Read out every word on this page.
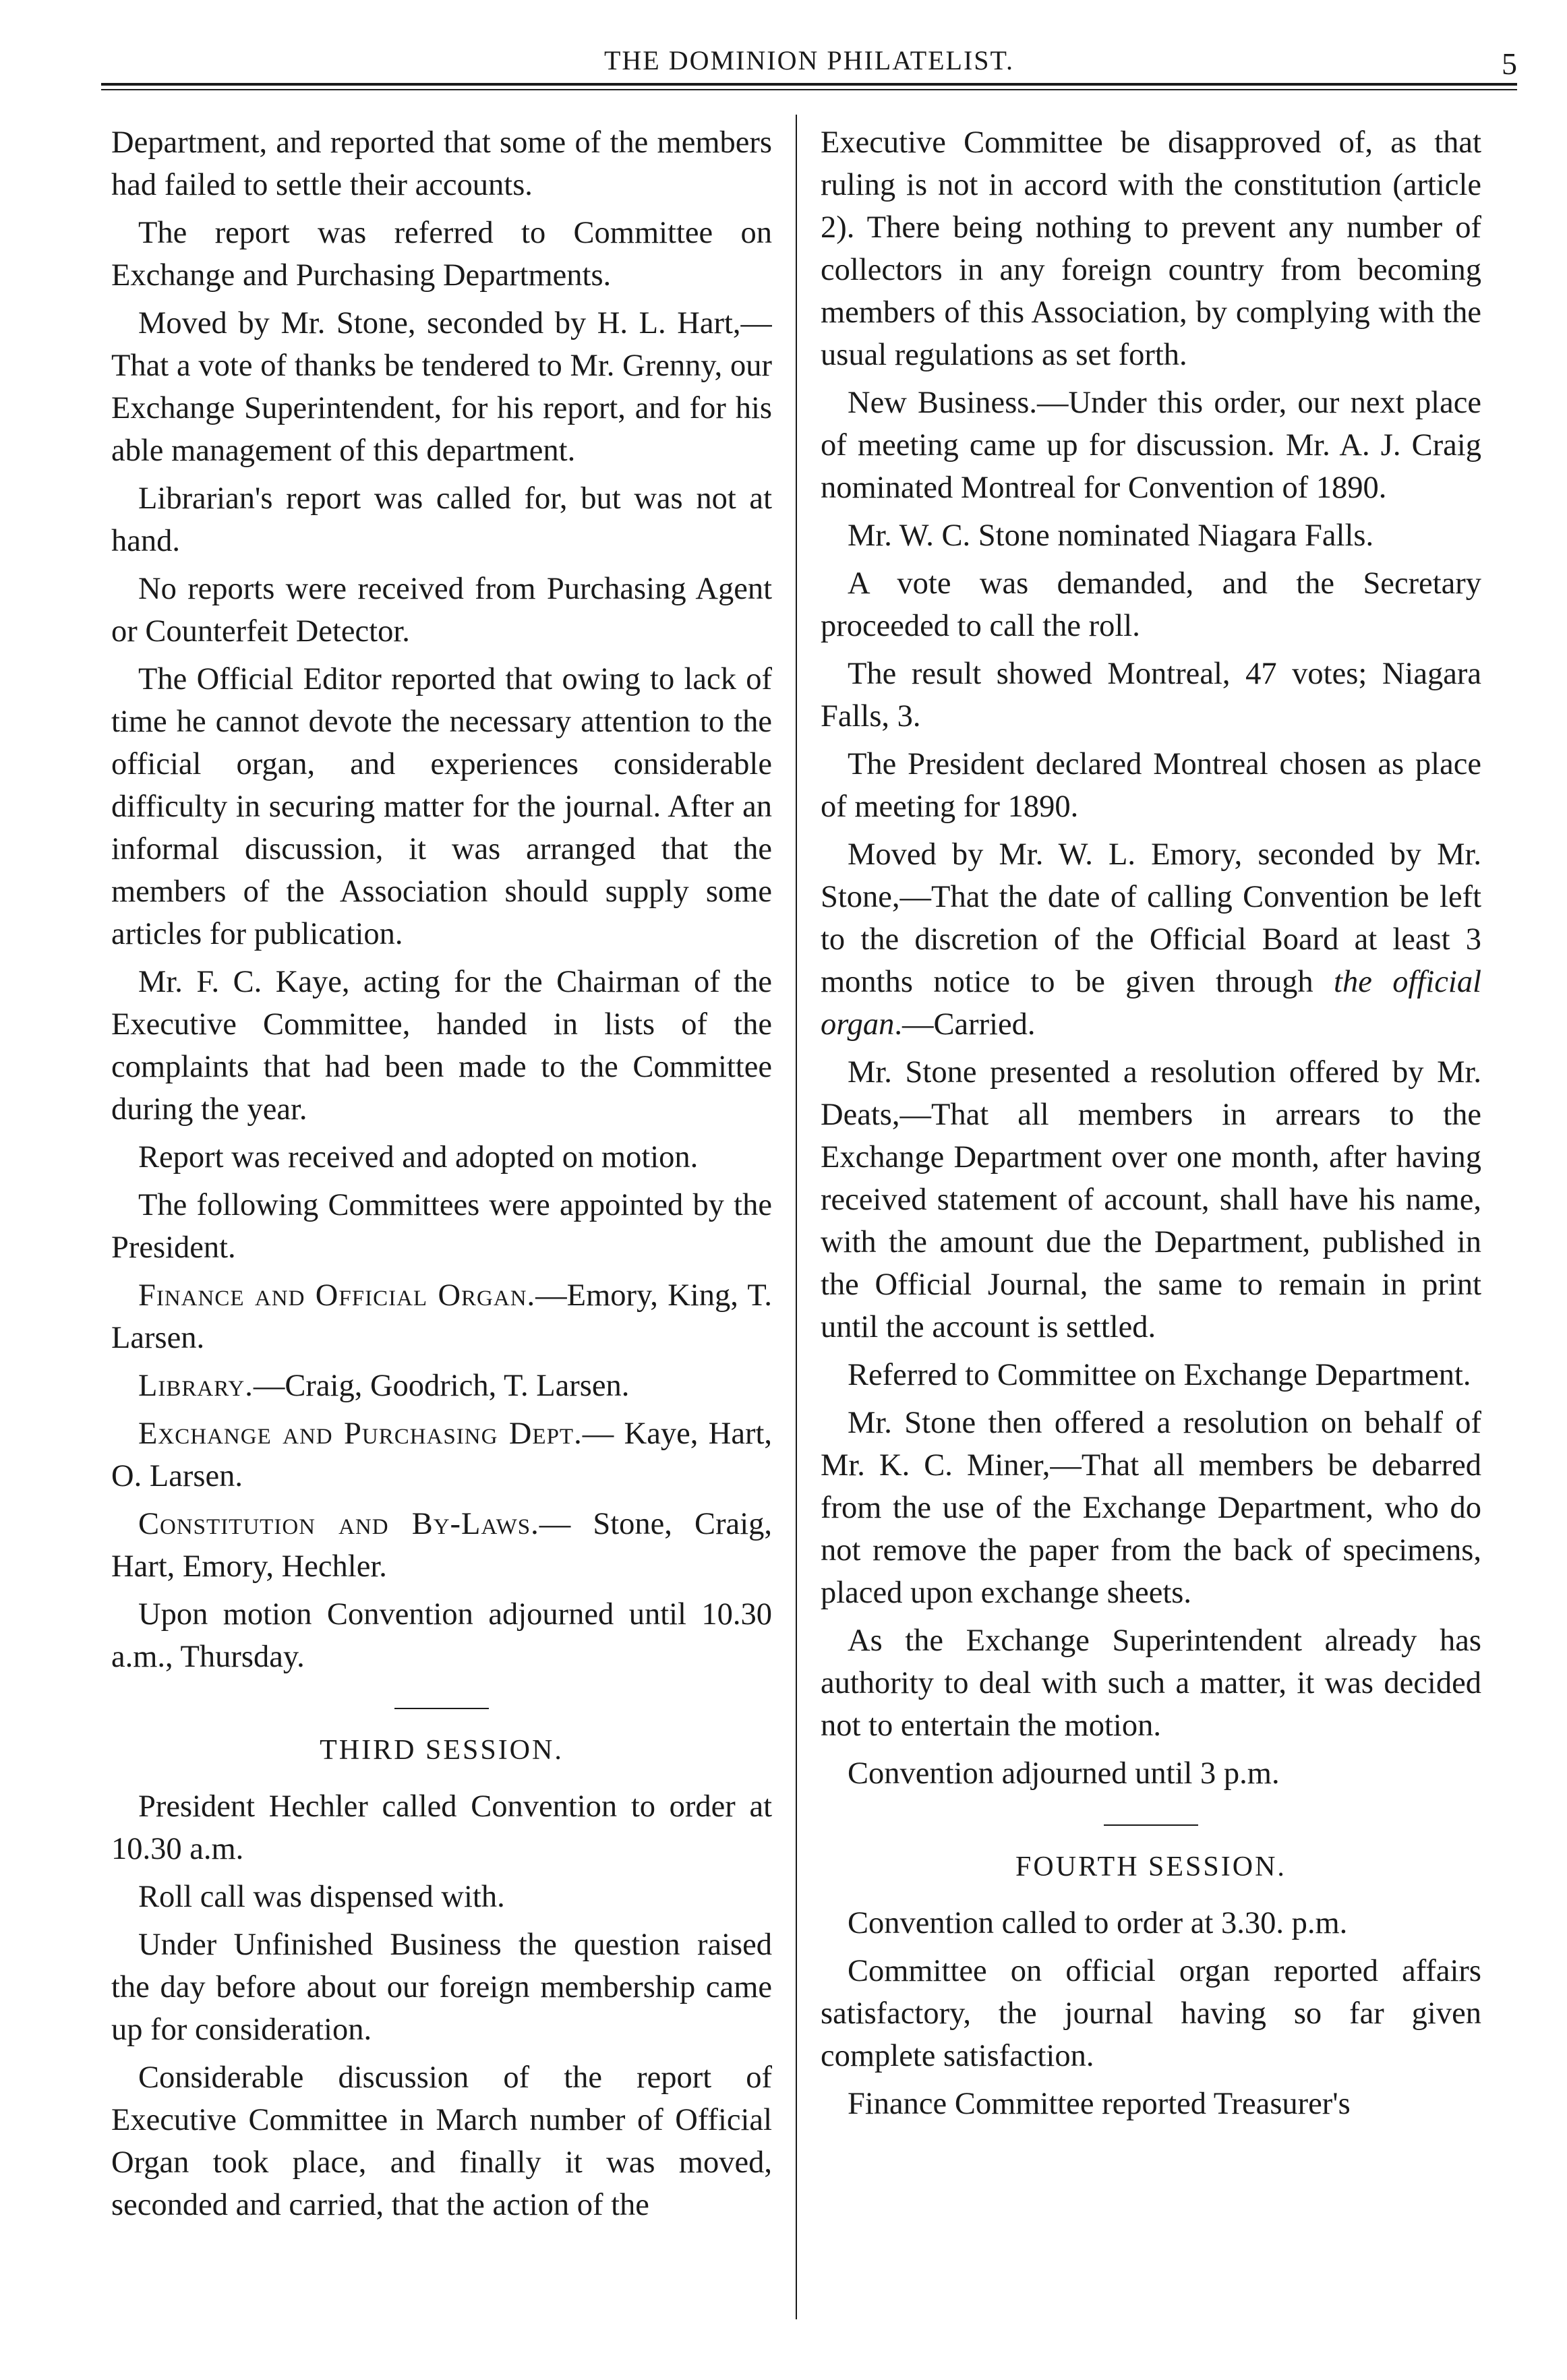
THE DOMINION PHILATELIST.	5

Department, and reported that some of the members had failed to settle their accounts.

The report was referred to Committee on Exchange and Purchasing Departments.

Moved by Mr. Stone, seconded by H. L. Hart,—That a vote of thanks be tendered to Mr. Grenny, our Exchange Superintendent, for his report, and for his able management of this department.

Librarian's report was called for, but was not at hand.

No reports were received from Purchasing Agent or Counterfeit Detector.

The Official Editor reported that owing to lack of time he cannot devote the necessary attention to the official organ, and experiences considerable difficulty in securing matter for the journal. After an informal discussion, it was arranged that the members of the Association should supply some articles for publication.

Mr. F. C. Kaye, acting for the Chairman of the Executive Committee, handed in lists of the complaints that had been made to the Committee during the year.

Report was received and adopted on motion.

The following Committees were appointed by the President.

Finance and Official Organ.—Emory, King, T. Larsen.

Library.—Craig, Goodrich, T. Larsen.

Exchange and Purchasing Dept.— Kaye, Hart, O. Larsen.

Constitution and By-Laws.— Stone, Craig, Hart, Emory, Hechler.

Upon motion Convention adjourned until 10.30 a.m., Thursday.

THIRD SESSION.

President Hechler called Convention to order at 10.30 a.m.

Roll call was dispensed with.

Under Unfinished Business the question raised the day before about our foreign membership came up for consideration.

Considerable discussion of the report of Executive Committee in March number of Official Organ took place, and finally it was moved, seconded and carried, that the action of the

Executive Committee be disapproved of, as that ruling is not in accord with the constitution (article 2). There being nothing to prevent any number of collectors in any foreign country from becoming members of this Association, by complying with the usual regulations as set forth.

New Business.—Under this order, our next place of meeting came up for discussion. Mr. A. J. Craig nominated Montreal for Convention of 1890.

Mr. W. C. Stone nominated Niagara Falls.

A vote was demanded, and the Secretary proceeded to call the roll.

The result showed Montreal, 47 votes; Niagara Falls, 3.

The President declared Montreal chosen as place of meeting for 1890.

Moved by Mr. W. L. Emory, seconded by Mr. Stone,—That the date of calling Convention be left to the discretion of the Official Board at least 3 months notice to be given through the official organ.—Carried.

Mr. Stone presented a resolution offered by Mr. Deats,—That all members in arrears to the Exchange Department over one month, after having received statement of account, shall have his name, with the amount due the Department, published in the Official Journal, the same to remain in print until the account is settled.

Referred to Committee on Exchange Department.

Mr. Stone then offered a resolution on behalf of Mr. K. C. Miner,—That all members be debarred from the use of the Exchange Department, who do not remove the paper from the back of specimens, placed upon exchange sheets.

As the Exchange Superintendent already has authority to deal with such a matter, it was decided not to entertain the motion.

Convention adjourned until 3 p.m.

FOURTH SESSION.

Convention called to order at 3.30. p.m.

Committee on official organ reported affairs satisfactory, the journal having so far given complete satisfaction.

Finance Committee reported Treasurer's
